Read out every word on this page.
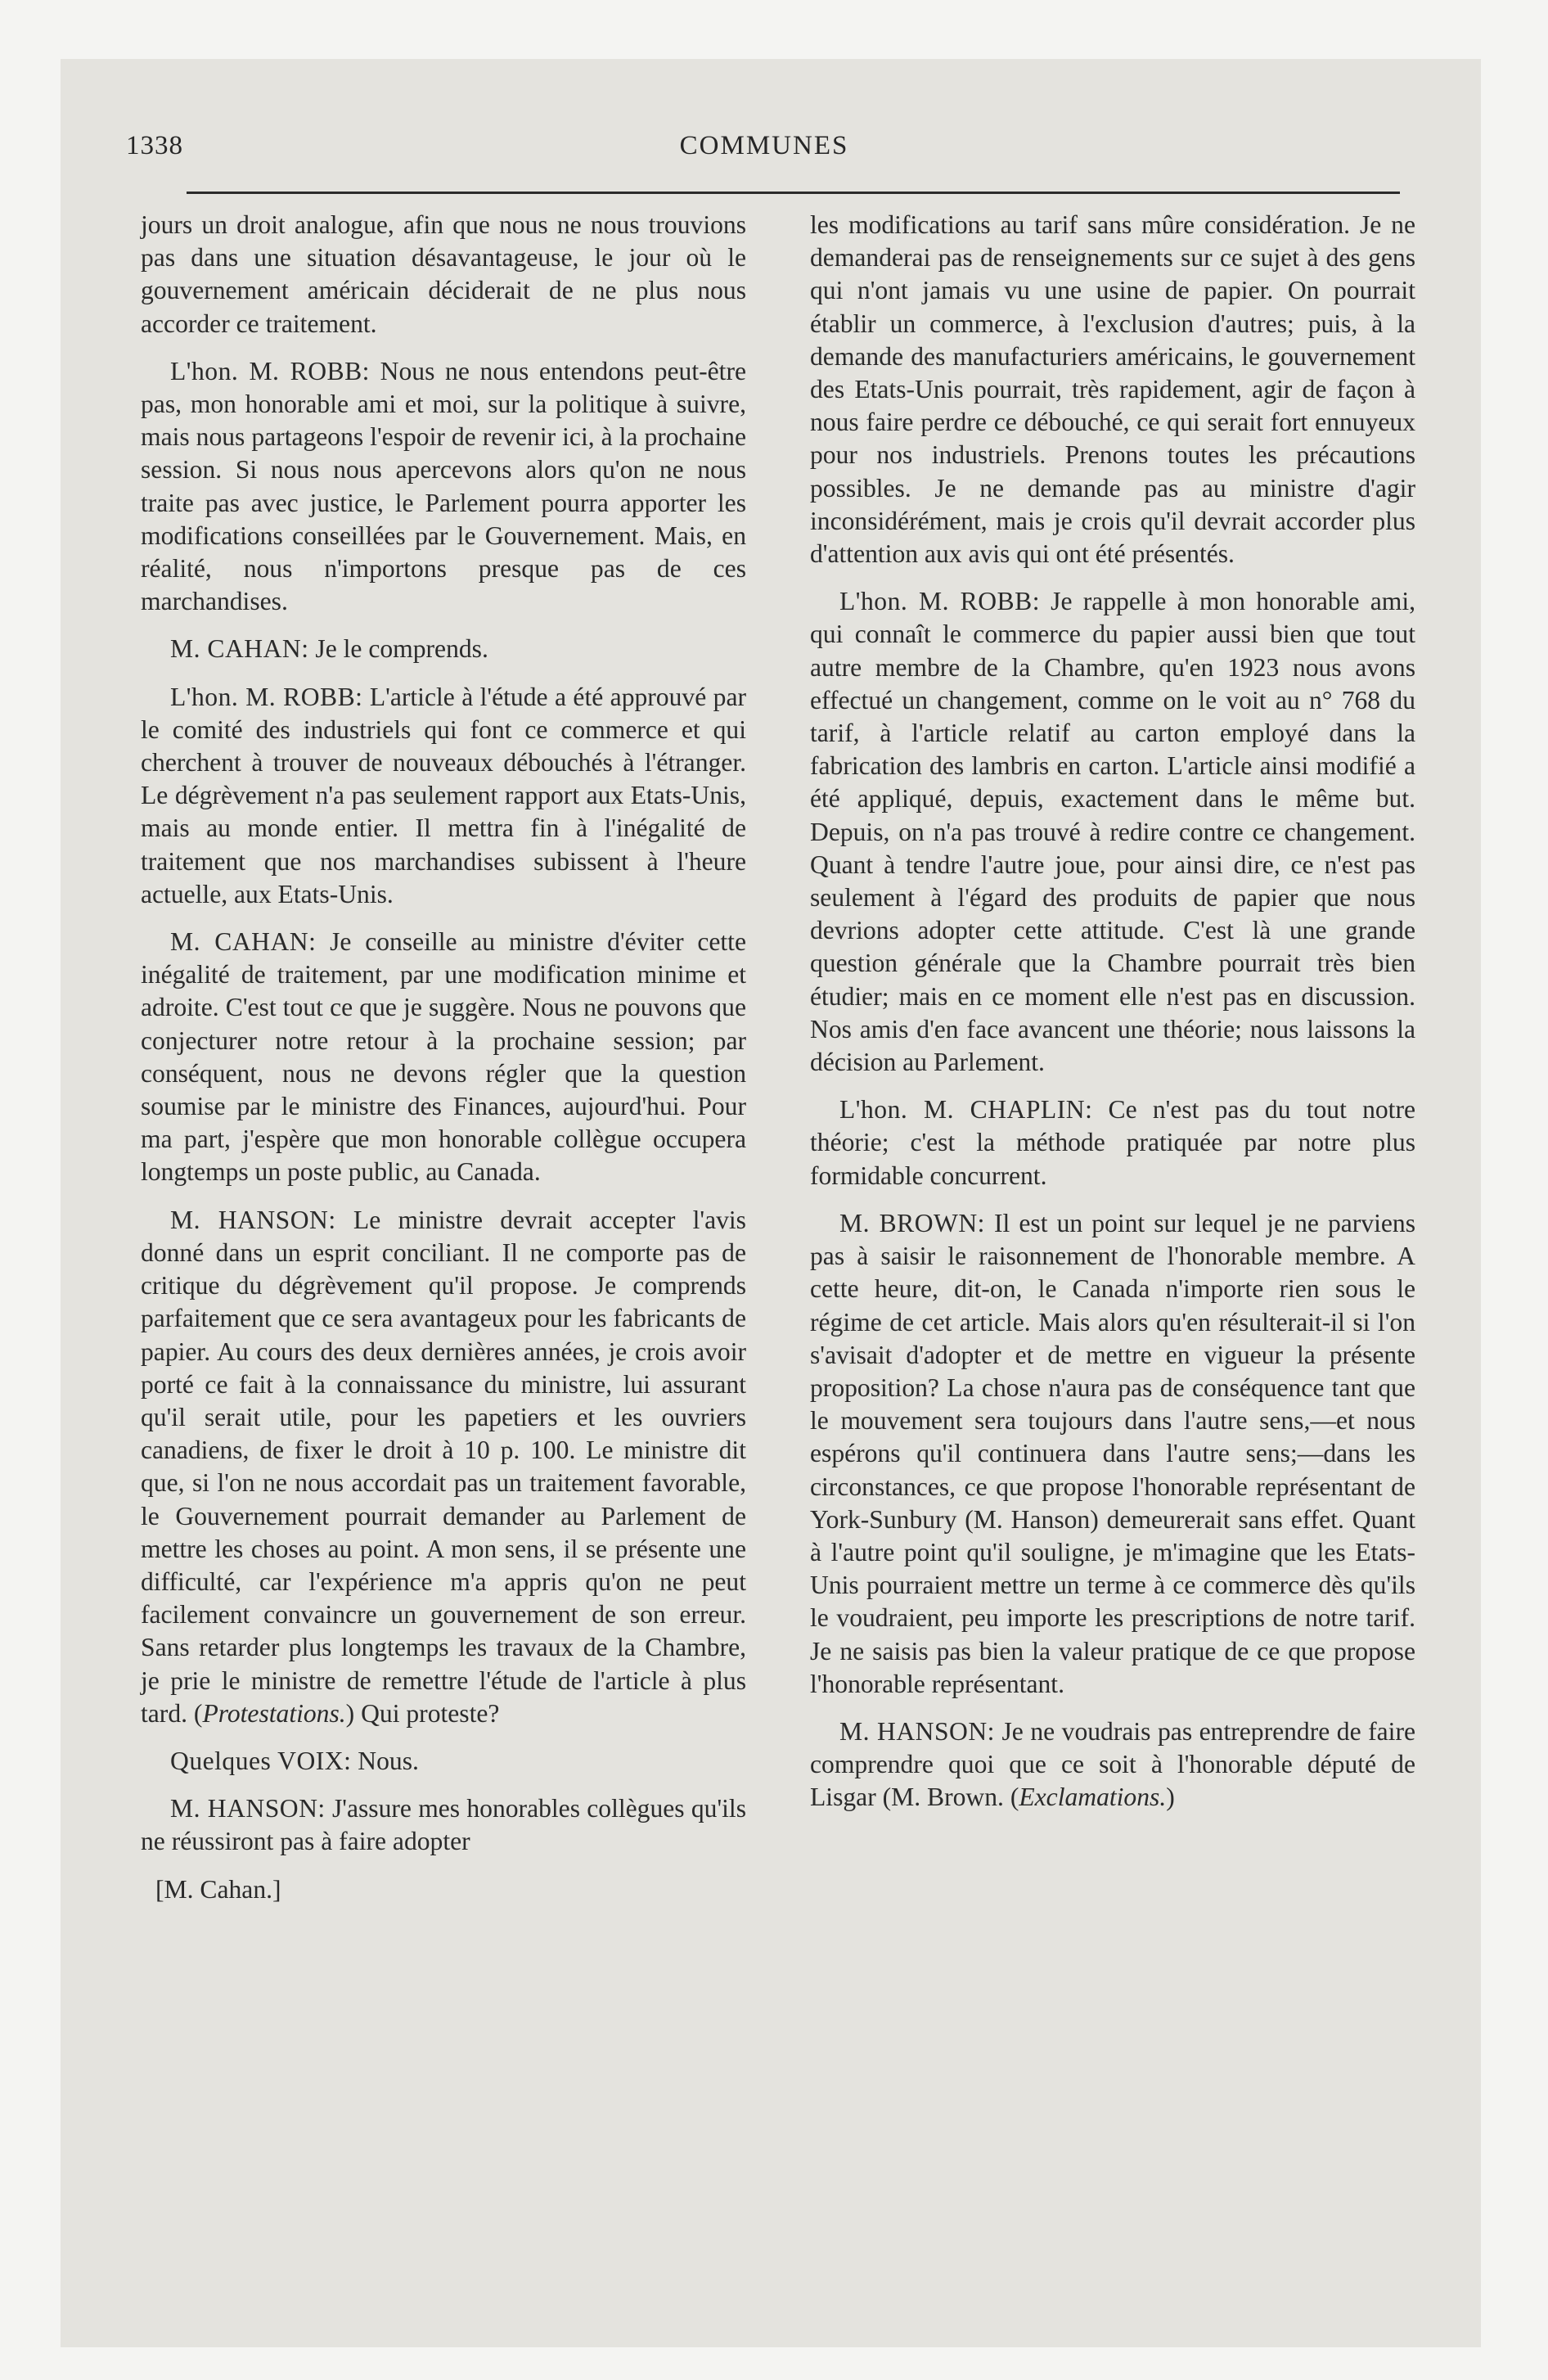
1338	COMMUNES

jours un droit analogue, afin que nous ne nous trouvions pas dans une situation désavantageuse, le jour où le gouvernement américain déciderait de ne plus nous accorder ce traitement.

L'hon. M. ROBB: Nous ne nous entendons peut-être pas, mon honorable ami et moi, sur la politique à suivre, mais nous partageons l'espoir de revenir ici, à la prochaine session. Si nous nous apercevons alors qu'on ne nous traite pas avec justice, le Parlement pourra apporter les modifications conseillées par le Gouvernement. Mais, en réalité, nous n'importons presque pas de ces marchandises.

M. CAHAN: Je le comprends.

L'hon. M. ROBB: L'article à l'étude a été approuvé par le comité des industriels qui font ce commerce et qui cherchent à trouver de nouveaux débouchés à l'étranger. Le dégrèvement n'a pas seulement rapport aux Etats-Unis, mais au monde entier. Il mettra fin à l'inégalité de traitement que nos marchandises subissent à l'heure actuelle, aux Etats-Unis.

M. CAHAN: Je conseille au ministre d'éviter cette inégalité de traitement, par une modification minime et adroite. C'est tout ce que je suggère. Nous ne pouvons que conjecturer notre retour à la prochaine session; par conséquent, nous ne devons régler que la question soumise par le ministre des Finances, aujourd'hui. Pour ma part, j'espère que mon honorable collègue occupera longtemps un poste public, au Canada.

M. HANSON: Le ministre devrait accepter l'avis donné dans un esprit conciliant. Il ne comporte pas de critique du dégrèvement qu'il propose. Je comprends parfaitement que ce sera avantageux pour les fabricants de papier. Au cours des deux dernières années, je crois avoir porté ce fait à la connaissance du ministre, lui assurant qu'il serait utile, pour les papetiers et les ouvriers canadiens, de fixer le droit à 10 p. 100. Le ministre dit que, si l'on ne nous accordait pas un traitement favorable, le Gouvernement pourrait demander au Parlement de mettre les choses au point. A mon sens, il se présente une difficulté, car l'expérience m'a appris qu'on ne peut facilement convaincre un gouvernement de son erreur. Sans retarder plus longtemps les travaux de la Chambre, je prie le ministre de remettre l'étude de l'article à plus tard. (Protestations.) Qui proteste?

Quelques VOIX: Nous.

M. HANSON: J'assure mes honorables collègues qu'ils ne réussiront pas à faire adopter

[M. Cahan.]

les modifications au tarif sans mûre considération. Je ne demanderai pas de renseignements sur ce sujet à des gens qui n'ont jamais vu une usine de papier. On pourrait établir un commerce, à l'exclusion d'autres; puis, à la demande des manufacturiers américains, le gouvernement des Etats-Unis pourrait, très rapidement, agir de façon à nous faire perdre ce débouché, ce qui serait fort ennuyeux pour nos industriels. Prenons toutes les précautions possibles. Je ne demande pas au ministre d'agir inconsidérément, mais je crois qu'il devrait accorder plus d'attention aux avis qui ont été présentés.

L'hon. M. ROBB: Je rappelle à mon honorable ami, qui connaît le commerce du papier aussi bien que tout autre membre de la Chambre, qu'en 1923 nous avons effectué un changement, comme on le voit au n° 768 du tarif, à l'article relatif au carton employé dans la fabrication des lambris en carton. L'article ainsi modifié a été appliqué, depuis, exactement dans le même but. Depuis, on n'a pas trouvé à redire contre ce changement. Quant à tendre l'autre joue, pour ainsi dire, ce n'est pas seulement à l'égard des produits de papier que nous devrions adopter cette attitude. C'est là une grande question générale que la Chambre pourrait très bien étudier; mais en ce moment elle n'est pas en discussion. Nos amis d'en face avancent une théorie; nous laissons la décision au Parlement.

L'hon. M. CHAPLIN: Ce n'est pas du tout notre théorie; c'est la méthode pratiquée par notre plus formidable concurrent.

M. BROWN: Il est un point sur lequel je ne parviens pas à saisir le raisonnement de l'honorable membre. A cette heure, dit-on, le Canada n'importe rien sous le régime de cet article. Mais alors qu'en résulterait-il si l'on s'avisait d'adopter et de mettre en vigueur la présente proposition? La chose n'aura pas de conséquence tant que le mouvement sera toujours dans l'autre sens,—et nous espérons qu'il continuera dans l'autre sens;—dans les circonstances, ce que propose l'honorable représentant de York-Sunbury (M. Hanson) demeurerait sans effet. Quant à l'autre point qu'il souligne, je m'imagine que les Etats-Unis pourraient mettre un terme à ce commerce dès qu'ils le voudraient, peu importe les prescriptions de notre tarif. Je ne saisis pas bien la valeur pratique de ce que propose l'honorable représentant.

M. HANSON: Je ne voudrais pas entreprendre de faire comprendre quoi que ce soit à l'honorable député de Lisgar (M. Brown. (Exclamations.)
